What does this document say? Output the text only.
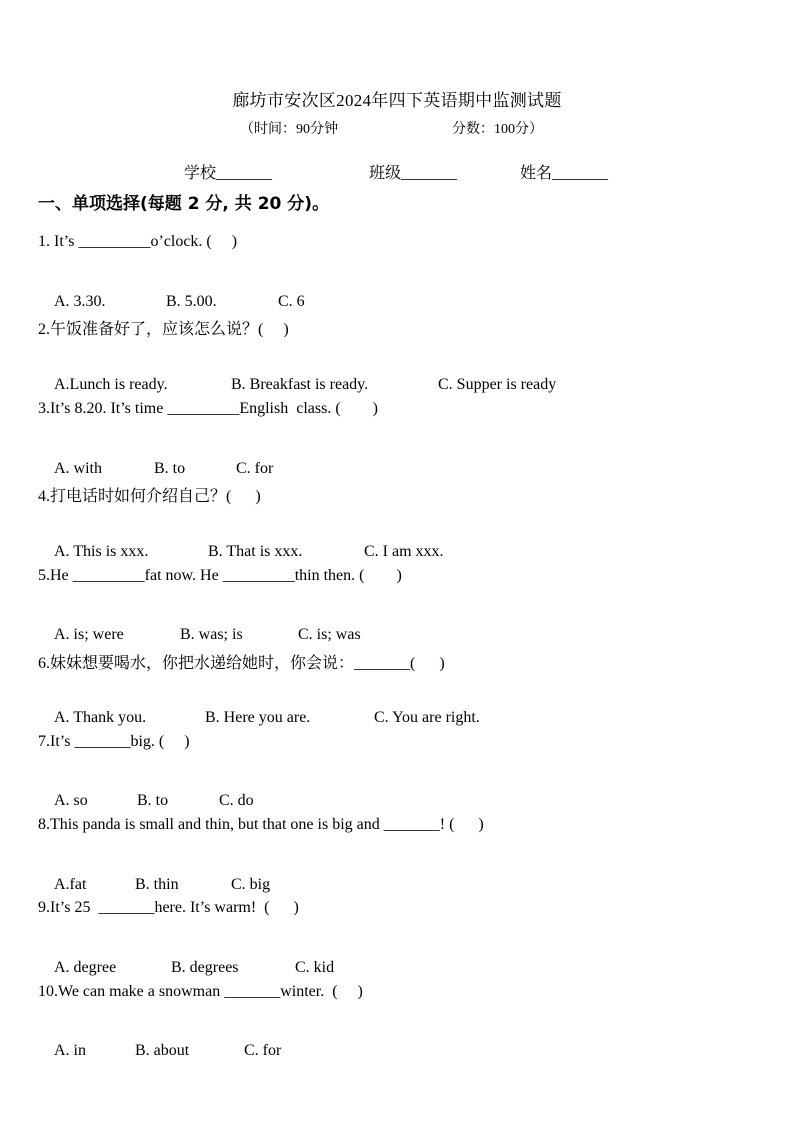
廊坊市安次区2024年四下英语期中监测试题
（时间：90分钟	分数：100分）
学校_______	班级_______	姓名_______
一、单项选择(每题 2 分, 共 20 分)。
1. It’s _________o’clock. (     )

A. 3.30.	B. 5.00.	C. 6

2.午饭准备好了，应该怎么说？(     )

A.Lunch is ready.	B. Breakfast is ready.	C. Supper is ready

3.It’s 8.20. It’s time _________English  class. (        )

A. with	B. to	C. for

4.打电话时如何介绍自己？(      )

A. This is xxx.	B. That is xxx.	C. I am xxx.

5.He _________fat now. He _________thin then. (        )

A. is; were	B. was; is	C. is; was

6.妹妹想要喝水，你把水递给她时，你会说：_______(      )

A. Thank you.	B. Here you are.	C. You are right.

7.It’s _______big. (     )

A. so	B. to	C. do

8.This panda is small and thin, but that one is big and _______! (      )

A.fat	B. thin	C. big

9.It’s 25  _______here. It’s warm!  (      )

A. degree	B. degrees	C. kid

10.We can make a snowman _______winter.  (     )

A. in	B. about	C. for
